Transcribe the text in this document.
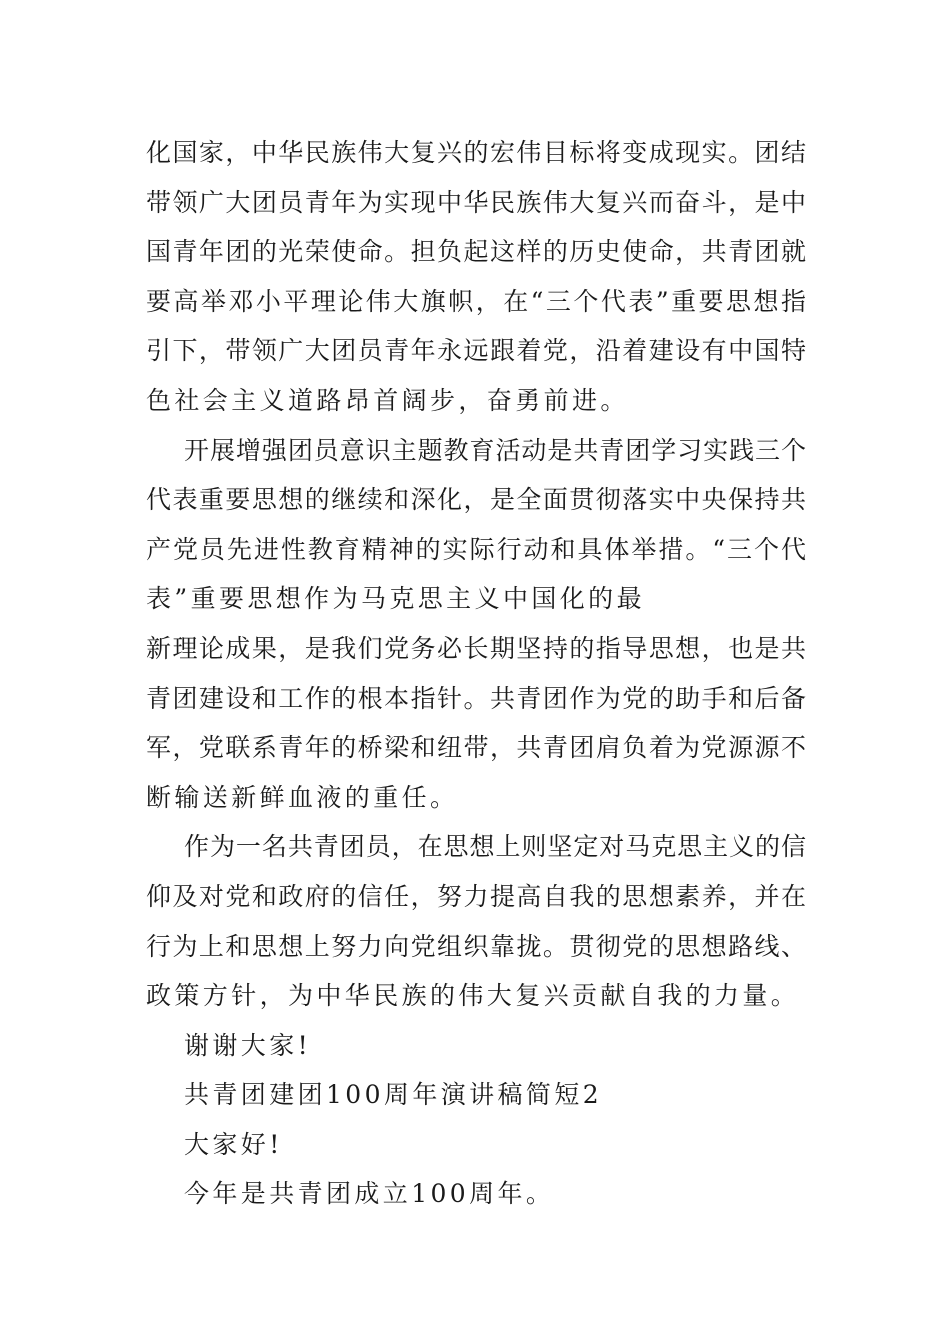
化国家，中华民族伟大复兴的宏伟目标将变成现实。团结
带领广大团员青年为实现中华民族伟大复兴而奋斗，是中
国青年团的光荣使命。担负起这样的历史使命，共青团就
要高举邓小平理论伟大旗帜，在“三个代表”重要思想指
引下，带领广大团员青年永远跟着党，沿着建设有中国特
色社会主义道路昂首阔步，奋勇前进。
开展增强团员意识主题教育活动是共青团学习实践三个
代表重要思想的继续和深化，是全面贯彻落实中央保持共
产党员先进性教育精神的实际行动和具体举措。“三个代
表”重要思想作为马克思主义中国化的最
新理论成果，是我们党务必长期坚持的指导思想，也是共
青团建设和工作的根本指针。共青团作为党的助手和后备
军，党联系青年的桥梁和纽带，共青团肩负着为党源源不
断输送新鲜血液的重任。
作为一名共青团员，在思想上则坚定对马克思主义的信
仰及对党和政府的信任，努力提高自我的思想素养，并在
行为上和思想上努力向党组织靠拢。贯彻党的思想路线、
政策方针，为中华民族的伟大复兴贡献自我的力量。
谢谢大家!
共青团建团100周年演讲稿简短2
大家好!
今年是共青团成立100周年。
